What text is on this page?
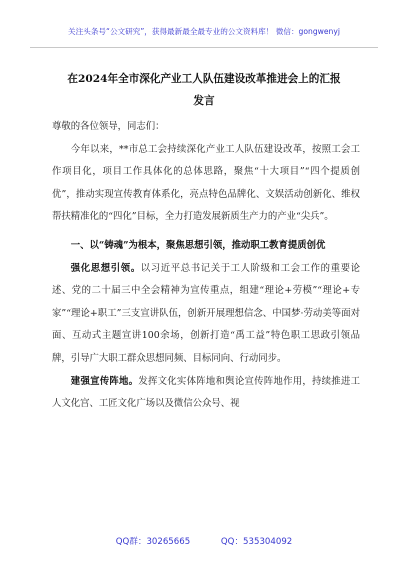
关注头条号“公文研究”，获得最新最全最专业的公文资料库！ 微信：gongwenyj
在2024年全市深化产业工人队伍建设改革推进会上的汇报
发言

尊敬的各位领导，同志们：

今年以来，**市总工会持续深化产业工人队伍建设改革，按照工会工作项目化，项目工作具体化的总体思路，聚焦“十大项目”“四个提质创优”，推动实现宣传教育体系化，亮点特色品牌化、文娱活动创新化、维权帮扶精准化的“四化”目标，全力打造发展新质生产力的产业“尖兵”。

一、以“铸魂”为根本，聚焦思想引领，推动职工教育提质创优

强化思想引领。以习近平总书记关于工人阶级和工会工作的重要论述、党的二十届三中全会精神为宣传重点，组建“理论+劳模”“理论+专家”“理论+职工”三支宣讲队伍，创新开展理想信念、中国梦·劳动美等面对面、互动式主题宣讲100余场，创新打造“禹工益”特色职工思政引领品牌，引导广大职工群众思想同频、目标同向、行动同步。

建强宣传阵地。发挥文化实体阵地和舆论宣传阵地作用，持续推进工人文化宫、工匠文化广场以及微信公众号、视

QQ群：30265665	QQ：535304092
